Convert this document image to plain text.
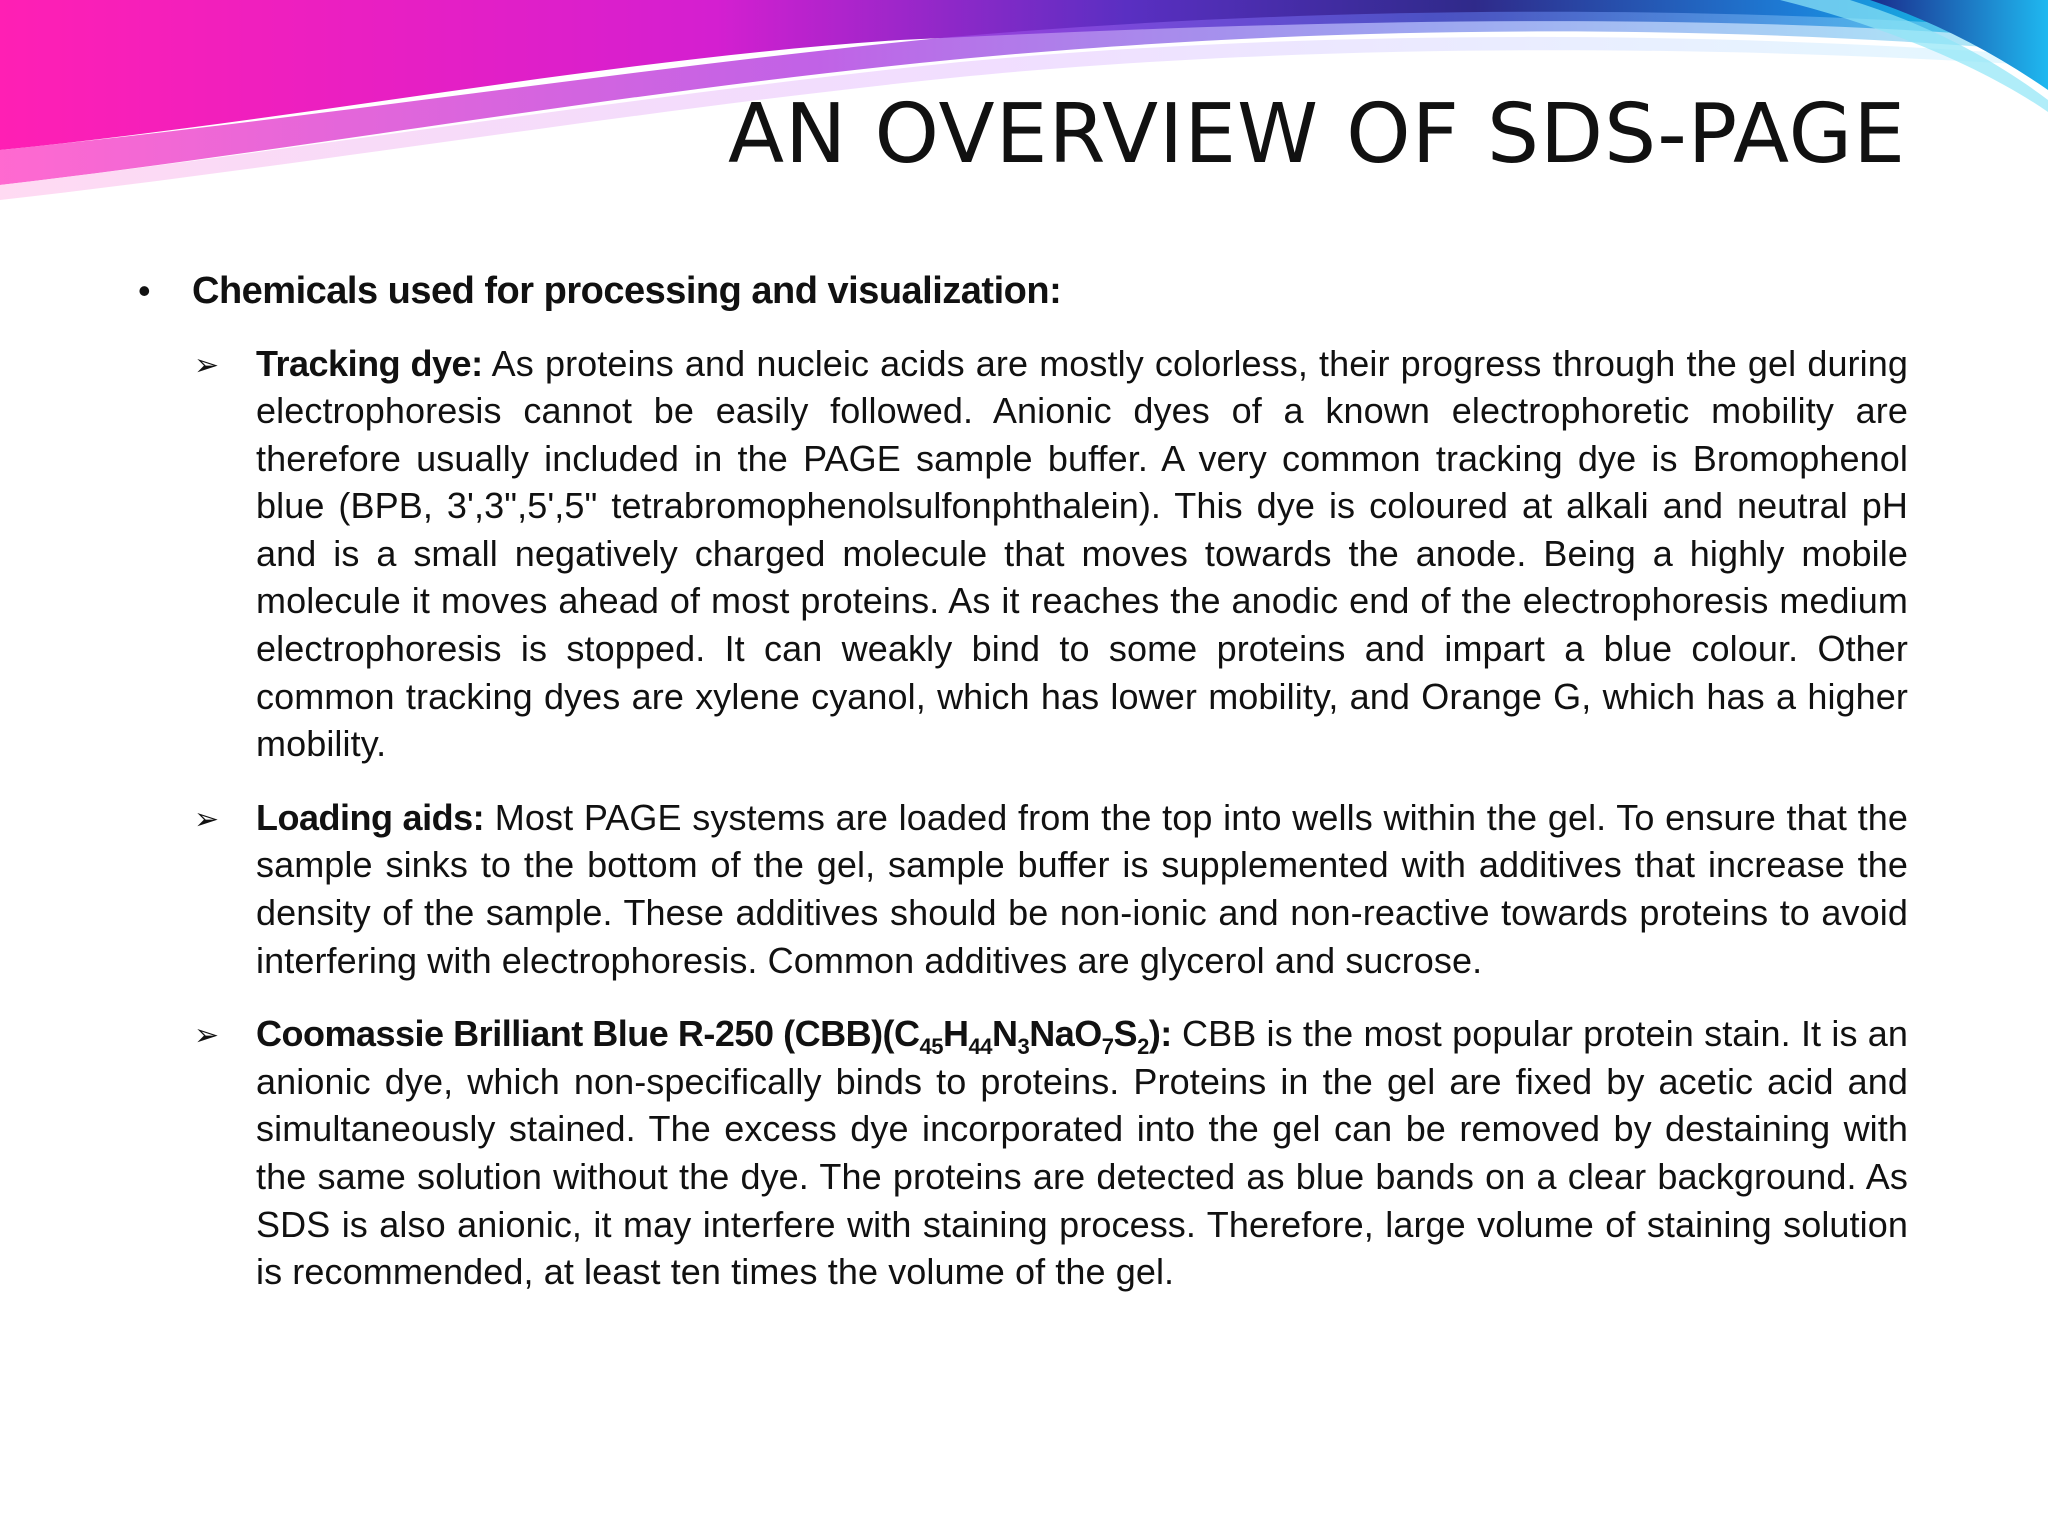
AN OVERVIEW OF SDS-PAGE
•	Chemicals used for processing and visualization:
➢	Tracking dye: As proteins and nucleic acids are mostly colorless, their progress through the gel during electrophoresis cannot be easily followed. Anionic dyes of a known electrophoretic mobility are therefore usually included in the PAGE sample buffer. A very common tracking dye is Bromophenol blue (BPB, 3',3",5',5" tetrabromophenolsulfonphthalein). This dye is coloured at alkali and neutral pH and is a small negatively charged molecule that moves towards the anode. Being a highly mobile molecule it moves ahead of most proteins. As it reaches the anodic end of the electrophoresis medium electrophoresis is stopped. It can weakly bind to some proteins and impart a blue colour. Other common tracking dyes are xylene cyanol, which has lower mobility, and Orange G, which has a higher mobility.
➢	Loading aids: Most PAGE systems are loaded from the top into wells within the gel. To ensure that the sample sinks to the bottom of the gel, sample buffer is supplemented with additives that increase the density of the sample. These additives should be non-ionic and non-reactive towards proteins to avoid interfering with electrophoresis. Common additives are glycerol and sucrose.
➢	Coomassie Brilliant Blue R-250 $(CBB)(C_{45}H_{44}N_3NaO_7S_2)$: CBB is the most popular protein stain. It is an anionic dye, which non-specifically binds to proteins. Proteins in the gel are fixed by acetic acid and simultaneously stained. The excess dye incorporated into the gel can be removed by destaining with the same solution without the dye. The proteins are detected as blue bands on a clear background. As SDS is also anionic, it may interfere with staining process. Therefore, large volume of staining solution is recommended, at least ten times the volume of the gel.
